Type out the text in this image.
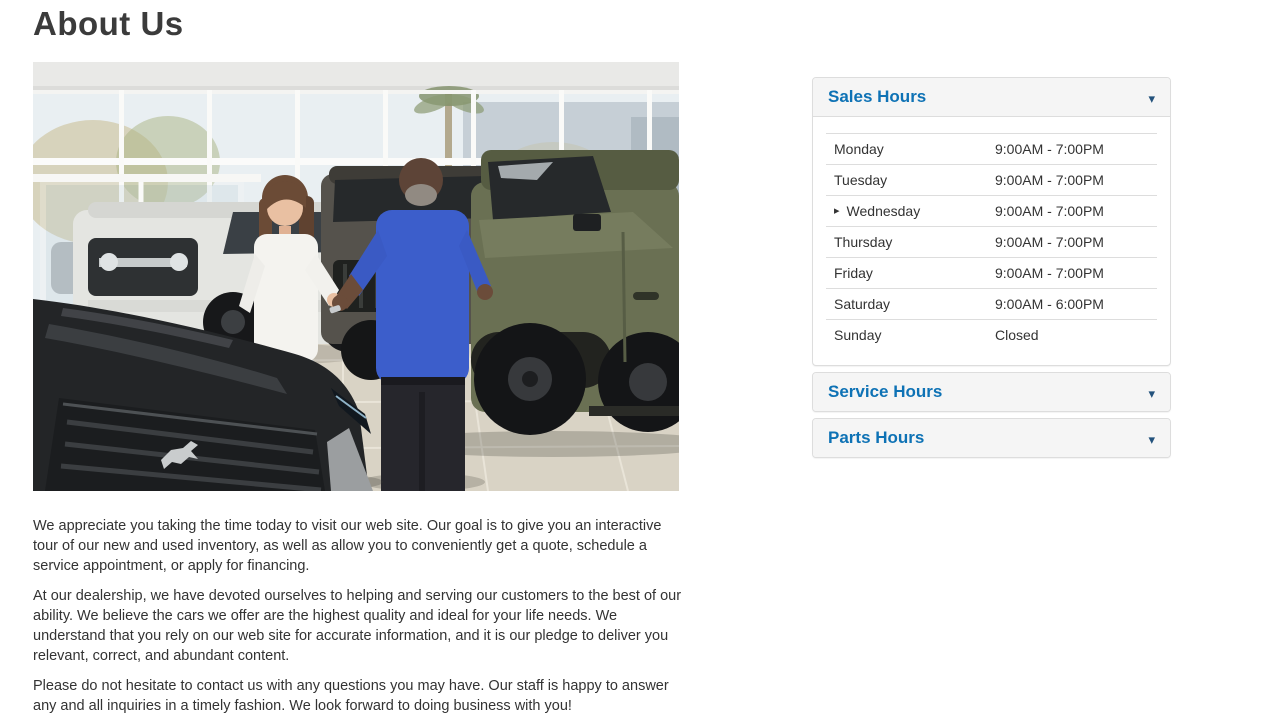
About Us

We appreciate you taking the time today to visit our web site. Our goal is to give you an interactive tour of our new and used inventory, as well as allow you to conveniently get a quote, schedule a service appointment, or apply for financing.

At our dealership, we have devoted ourselves to helping and serving our customers to the best of our ability. We believe the cars we offer are the highest quality and ideal for your life needs. We understand that you rely on our web site for accurate information, and it is our pledge to deliver you relevant, correct, and abundant content.

Please do not hesitate to contact us with any questions you may have. Our staff is happy to answer any and all inquiries in a timely fashion. We look forward to doing business with you!

Sales Hours	▾
Monday	9:00AM - 7:00PM
Tuesday	9:00AM - 7:00PM
▸ Wednesday	9:00AM - 7:00PM
Thursday	9:00AM - 7:00PM
Friday	9:00AM - 7:00PM
Saturday	9:00AM - 6:00PM
Sunday	Closed
Service Hours	▾
Parts Hours	▾
